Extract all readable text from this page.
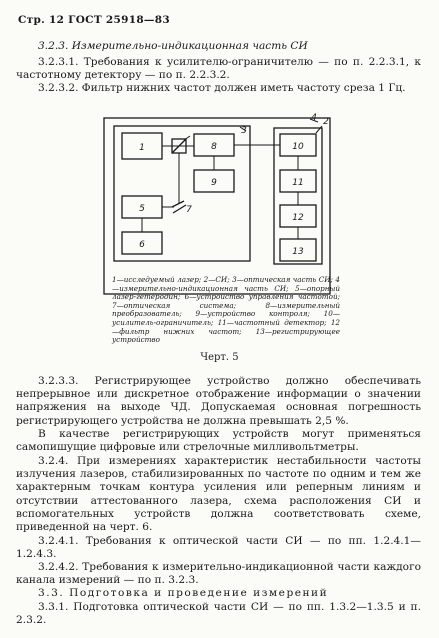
Стр. 12 ГОСТ 25918—83
3.2.3. Измерительно-индикационная часть СИ
3.2.3.1. Требования к усилителю-ограничителю — по п. 2.2.3.1, к частотному детектору — по п. 2.2.3.2.
3.2.3.2. Фильтр нижних частот должен иметь частоту среза 1 Гц.
1	8
9
5
6
10
11
12
13
3
2
4
7
1—исследуемый лазер; 2—СИ; 3—оптическая часть СИ; 4—измерительно-индикационная часть СИ; 5—опорный лазер-гетеродин; 6—устройство управления частотой; 7—оптическая система; 8—измерительный преобразователь; 9—устройство контроля; 10—усилитель-ограничитель; 11—частотный детектор; 12—фильтр нижних частот; 13—регистрирующее устройство
Черт. 5
3.2.3.3. Регистрирующее устройство должно обеспечивать непрерывное или дискретное отображение информации о значении напряжения на выходе ЧД. Допускаемая основная погрешность регистрирующего устройства не должна превышать 2,5 %.
В качестве регистрирующих устройств могут применяться самопишущие цифровые или стрелочные милливольтметры.
3.2.4. При измерениях характеристик нестабильности частоты излучения лазеров, стабилизированных по частоте по одним и тем же характерным точкам контура усиления или реперным линиям и отсутствии аттестованного лазера, схема расположения СИ и вспомогательных устройств должна соответствовать схеме, приведенной на черт. 6.
3.2.4.1. Требования к оптической части СИ — по пп. 1.2.4.1—1.2.4.3.
3.2.4.2. Требования к измерительно-индикационной части каждого канала измерений — по п. 3.2.3.
3.3. Подготовка и проведение измерений
3.3.1. Подготовка оптической части СИ — по пп. 1.3.2—1.3.5 и п. 2.3.2.
